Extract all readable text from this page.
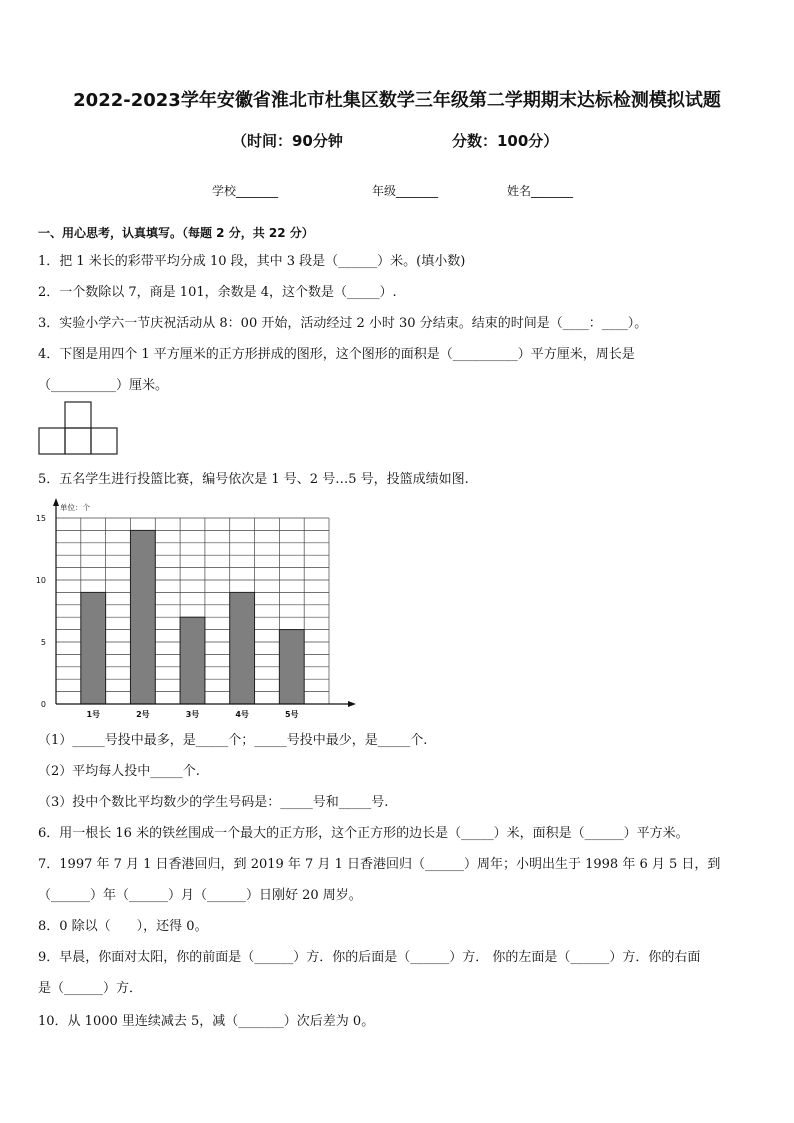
2022-2023学年安徽省淮北市杜集区数学三年级第二学期期末达标检测模拟试题
（时间：90分钟	分数：100分）
学校_______	年级_______	姓名_______
一、用心思考，认真填写。（每题 2 分，共 22 分）
1．把 1 米长的彩带平均分成 10 段，其中 3 段是（______）米。(填小数)
2．一个数除以 7，商是 101，余数是 4，这个数是（_____）.
3．实验小学六一节庆祝活动从 8：00 开始，活动经过 2 小时 30 分结束。结束的时间是（____：____）。
4．下图是用四个 1 平方厘米的正方形拼成的图形，这个图形的面积是（__________）平方厘米，周长是
（__________）厘米。
5．五名学生进行投篮比赛，编号依次是 1 号、2 号…5 号，投篮成绩如图.
1号	2号	3号	4号	5号
0
5
10
15
单位：个
（1）_____号投中最多，是_____个；_____号投中最少，是_____个.
（2）平均每人投中_____个.
（3）投中个数比平均数少的学生号码是：_____号和_____号.
6．用一根长 16 米的铁丝围成一个最大的正方形，这个正方形的边长是（_____）米，面积是（______）平方米。
7．1997 年 7 月 1 日香港回归，到 2019 年 7 月 1 日香港回归（______）周年；小明出生于 1998 年 6 月 5 日，到
（______）年（______）月（______）日刚好 20 周岁。
8．0 除以（　　），还得 0。
9．早晨，你面对太阳，你的前面是（______）方．你的后面是（______）方． 你的左面是（______）方．你的右面
是（______）方．
10．从 1000 里连续减去 5，减（_______）次后差为 0。
